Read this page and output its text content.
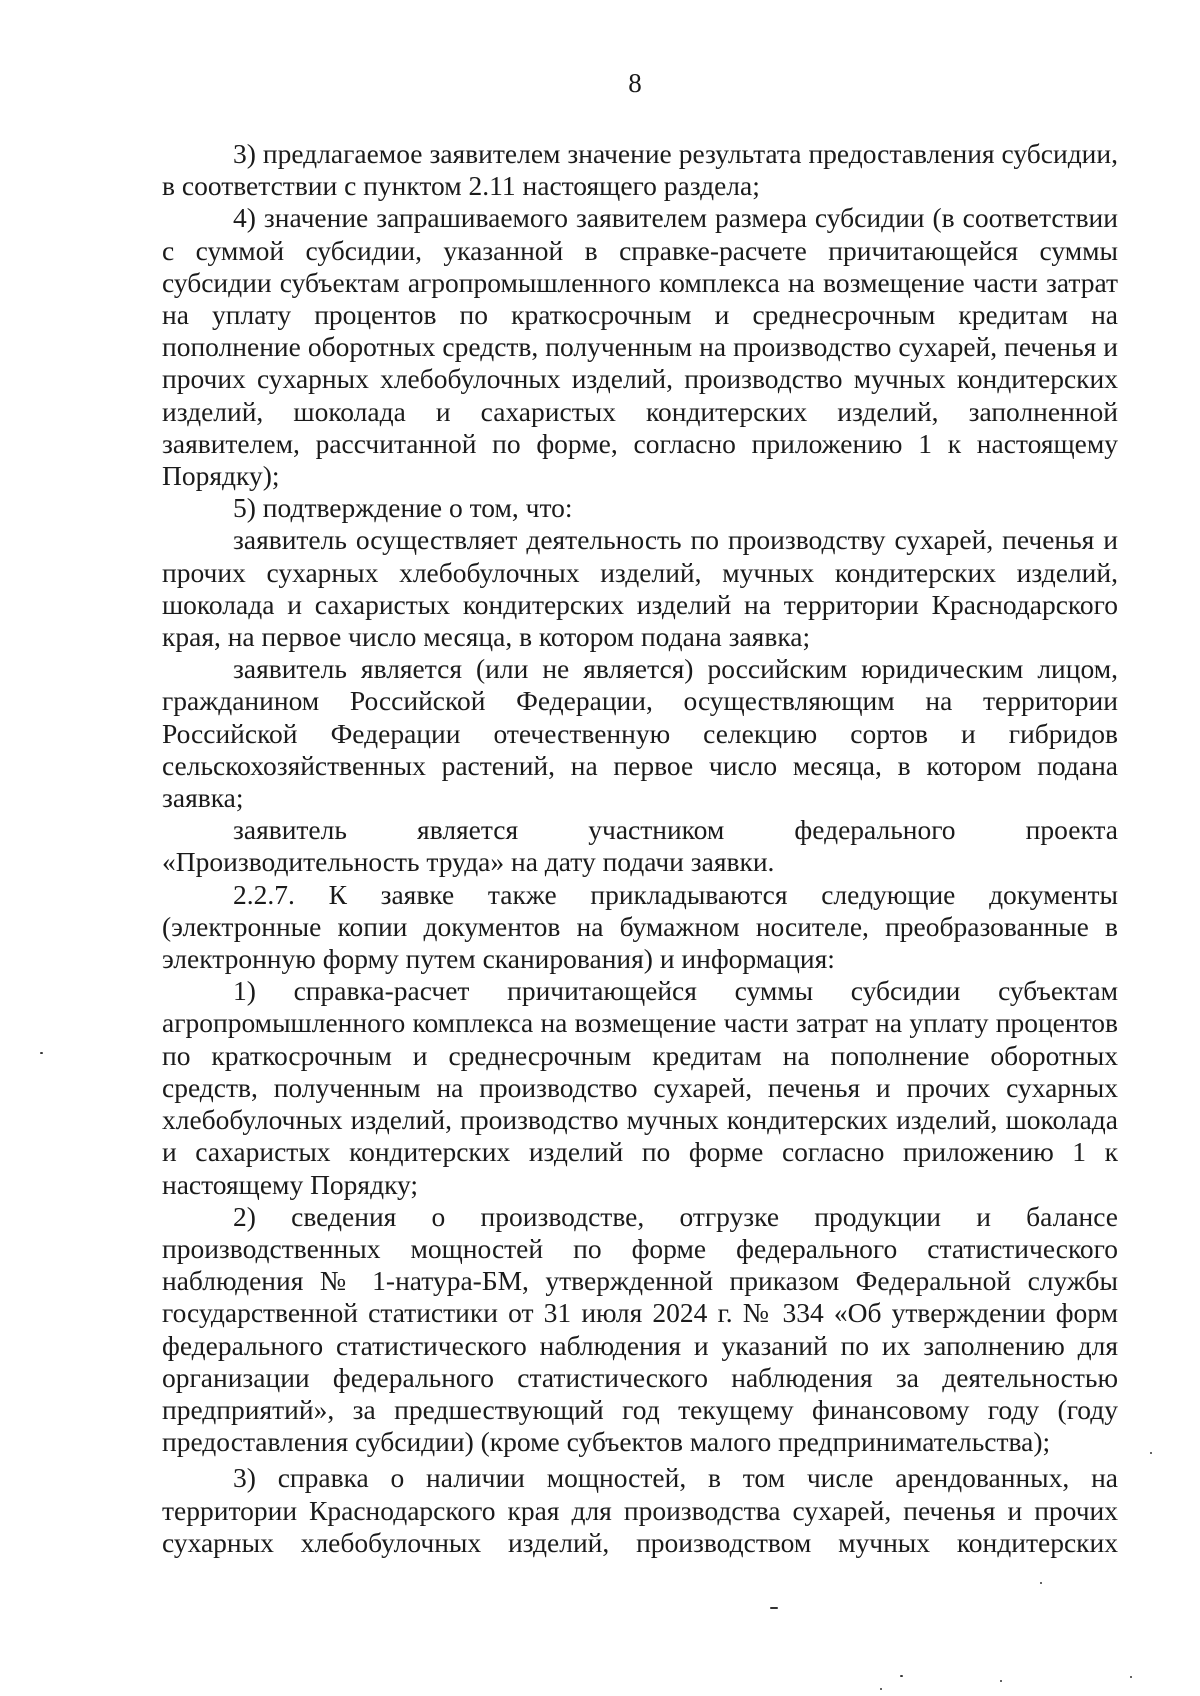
8

3) предлагаемое заявителем значение результата предоставления субсидии, в соответствии с пунктом 2.11 настоящего раздела;

4) значение запрашиваемого заявителем размера субсидии (в соответствии с суммой субсидии, указанной в справке-расчете причитающейся суммы субсидии субъектам агропромышленного комплекса на возмещение части затрат на уплату процентов по краткосрочным и среднесрочным кредитам на пополнение оборотных средств, полученным на производство сухарей, печенья и прочих сухарных хлебобулочных изделий, производство мучных кондитерских изделий, шоколада и сахаристых кондитерских изделий, заполненной заявителем, рассчитанной по форме, согласно приложению 1 к настоящему Порядку);

5) подтверждение о том, что:

заявитель осуществляет деятельность по производству сухарей, печенья и прочих сухарных хлебобулочных изделий, мучных кондитерских изделий, шоколада и сахаристых кондитерских изделий на территории Краснодарского края, на первое число месяца, в котором подана заявка;

заявитель является (или не является) российским юридическим лицом, гражданином Российской Федерации, осуществляющим на территории Российской Федерации отечественную селекцию сортов и гибридов сельскохозяйственных растений, на первое число месяца, в котором подана заявка;

заявитель является участником федерального проекта «Производительность труда» на дату подачи заявки.

2.2.7. К заявке также прикладываются следующие документы (электронные копии документов на бумажном носителе, преобразованные в электронную форму путем сканирования) и информация:

1) справка-расчет причитающейся суммы субсидии субъектам агропромышленного комплекса на возмещение части затрат на уплату процентов по краткосрочным и среднесрочным кредитам на пополнение оборотных средств, полученным на производство сухарей, печенья и прочих сухарных хлебобулочных изделий, производство мучных кондитерских изделий, шоколада и сахаристых кондитерских изделий по форме согласно приложению 1 к настоящему Порядку;

2) сведения о производстве, отгрузке продукции и балансе производственных мощностей по форме федерального статистического наблюдения № 1-натура-БМ, утвержденной приказом Федеральной службы государственной статистики от 31 июля 2024 г. № 334 «Об утверждении форм федерального статистического наблюдения и указаний по их заполнению для организации федерального статистического наблюдения за деятельностью предприятий», за предшествующий год текущему финансовому году (году предоставления субсидии) (кроме субъектов малого предпринимательства);

3) справка о наличии мощностей, в том числе арендованных, на территории Краснодарского края для производства сухарей, печенья и прочих сухарных хлебобулочных изделий, производством мучных кондитерских
